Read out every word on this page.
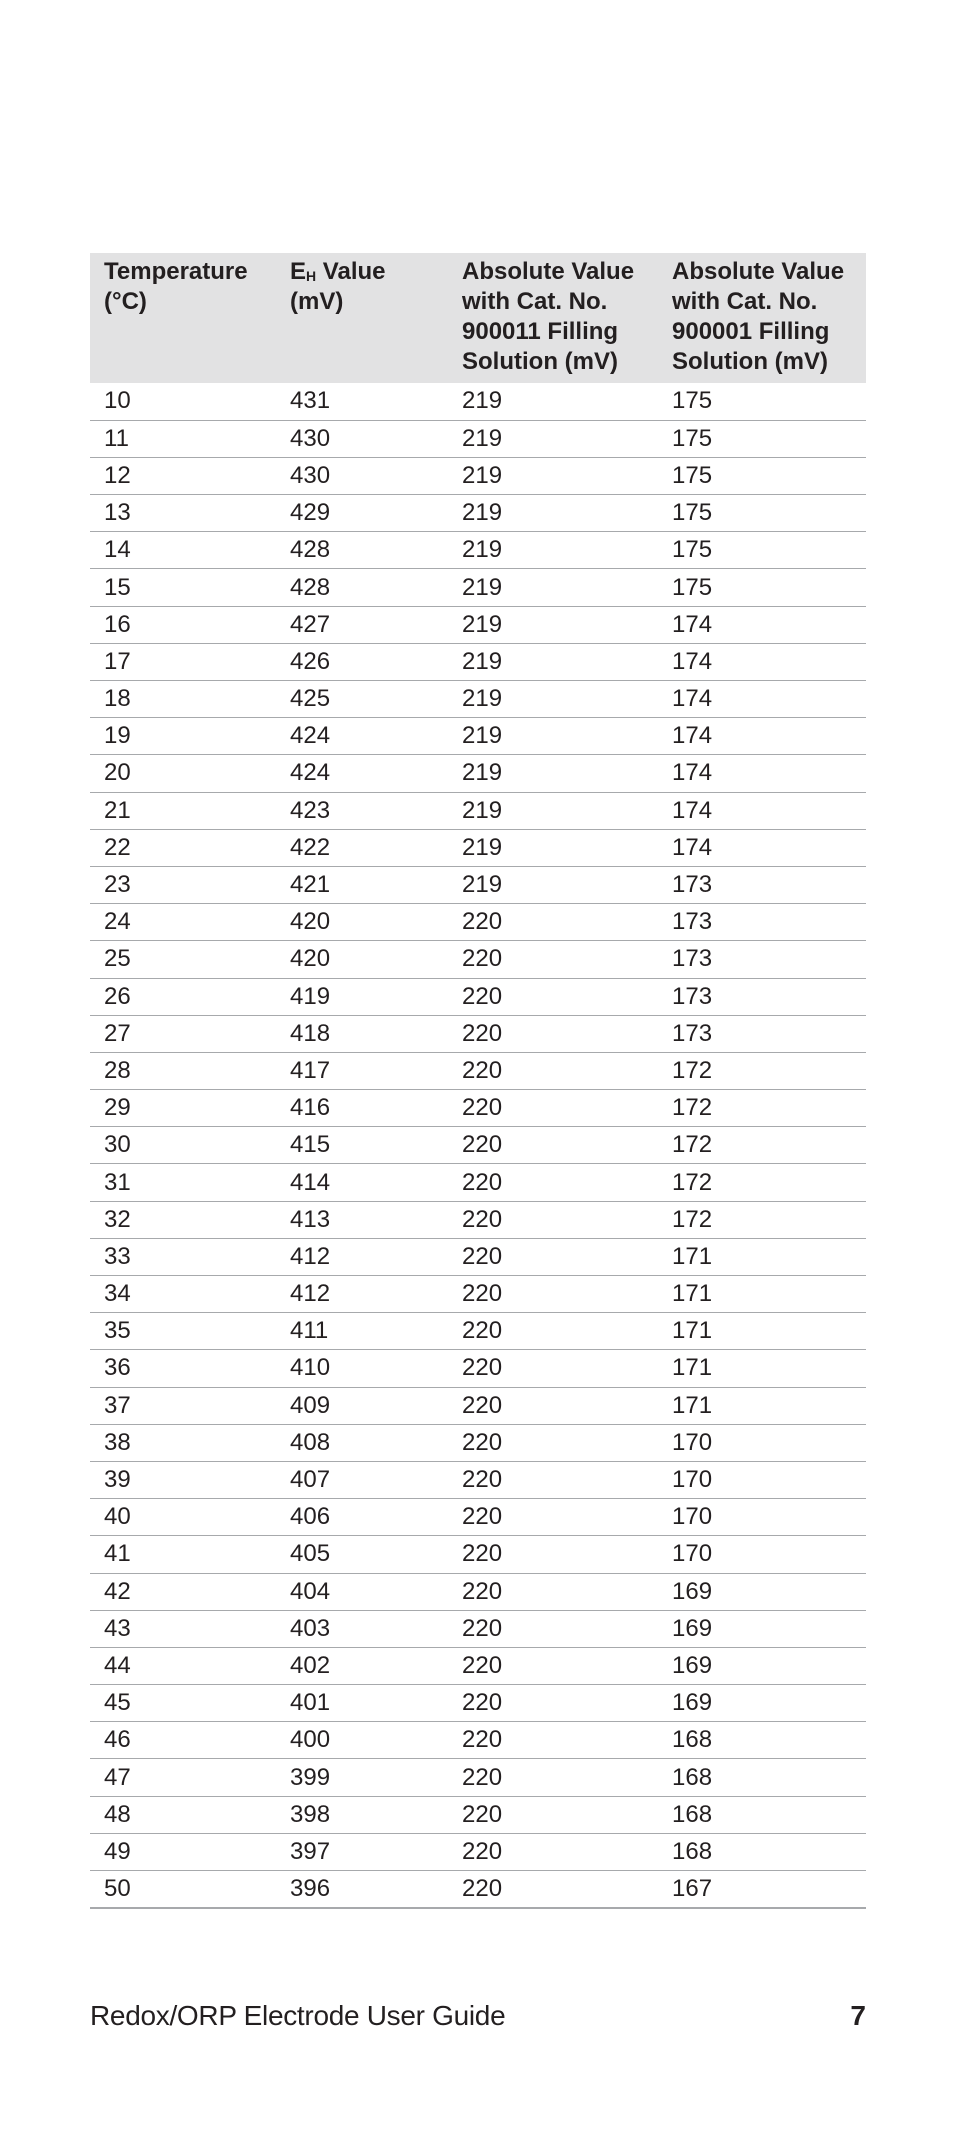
Temperature (°C)	$E_H$ Value (mV)	Absolute Value with Cat. No. 900011 Filling Solution (mV)	Absolute Value with Cat. No. 900001 Filling Solution (mV)
10	431	219	175
11	430	219	175
12	430	219	175
13	429	219	175
14	428	219	175
15	428	219	175
16	427	219	174
17	426	219	174
18	425	219	174
19	424	219	174
20	424	219	174
21	423	219	174
22	422	219	174
23	421	219	173
24	420	220	173
25	420	220	173
26	419	220	173
27	418	220	173
28	417	220	172
29	416	220	172
30	415	220	172
31	414	220	172
32	413	220	172
33	412	220	171
34	412	220	171
35	411	220	171
36	410	220	171
37	409	220	171
38	408	220	170
39	407	220	170
40	406	220	170
41	405	220	170
42	404	220	169
43	403	220	169
44	402	220	169
45	401	220	169
46	400	220	168
47	399	220	168
48	398	220	168
49	397	220	168
50	396	220	167
Redox/ORP Electrode User Guide	7
